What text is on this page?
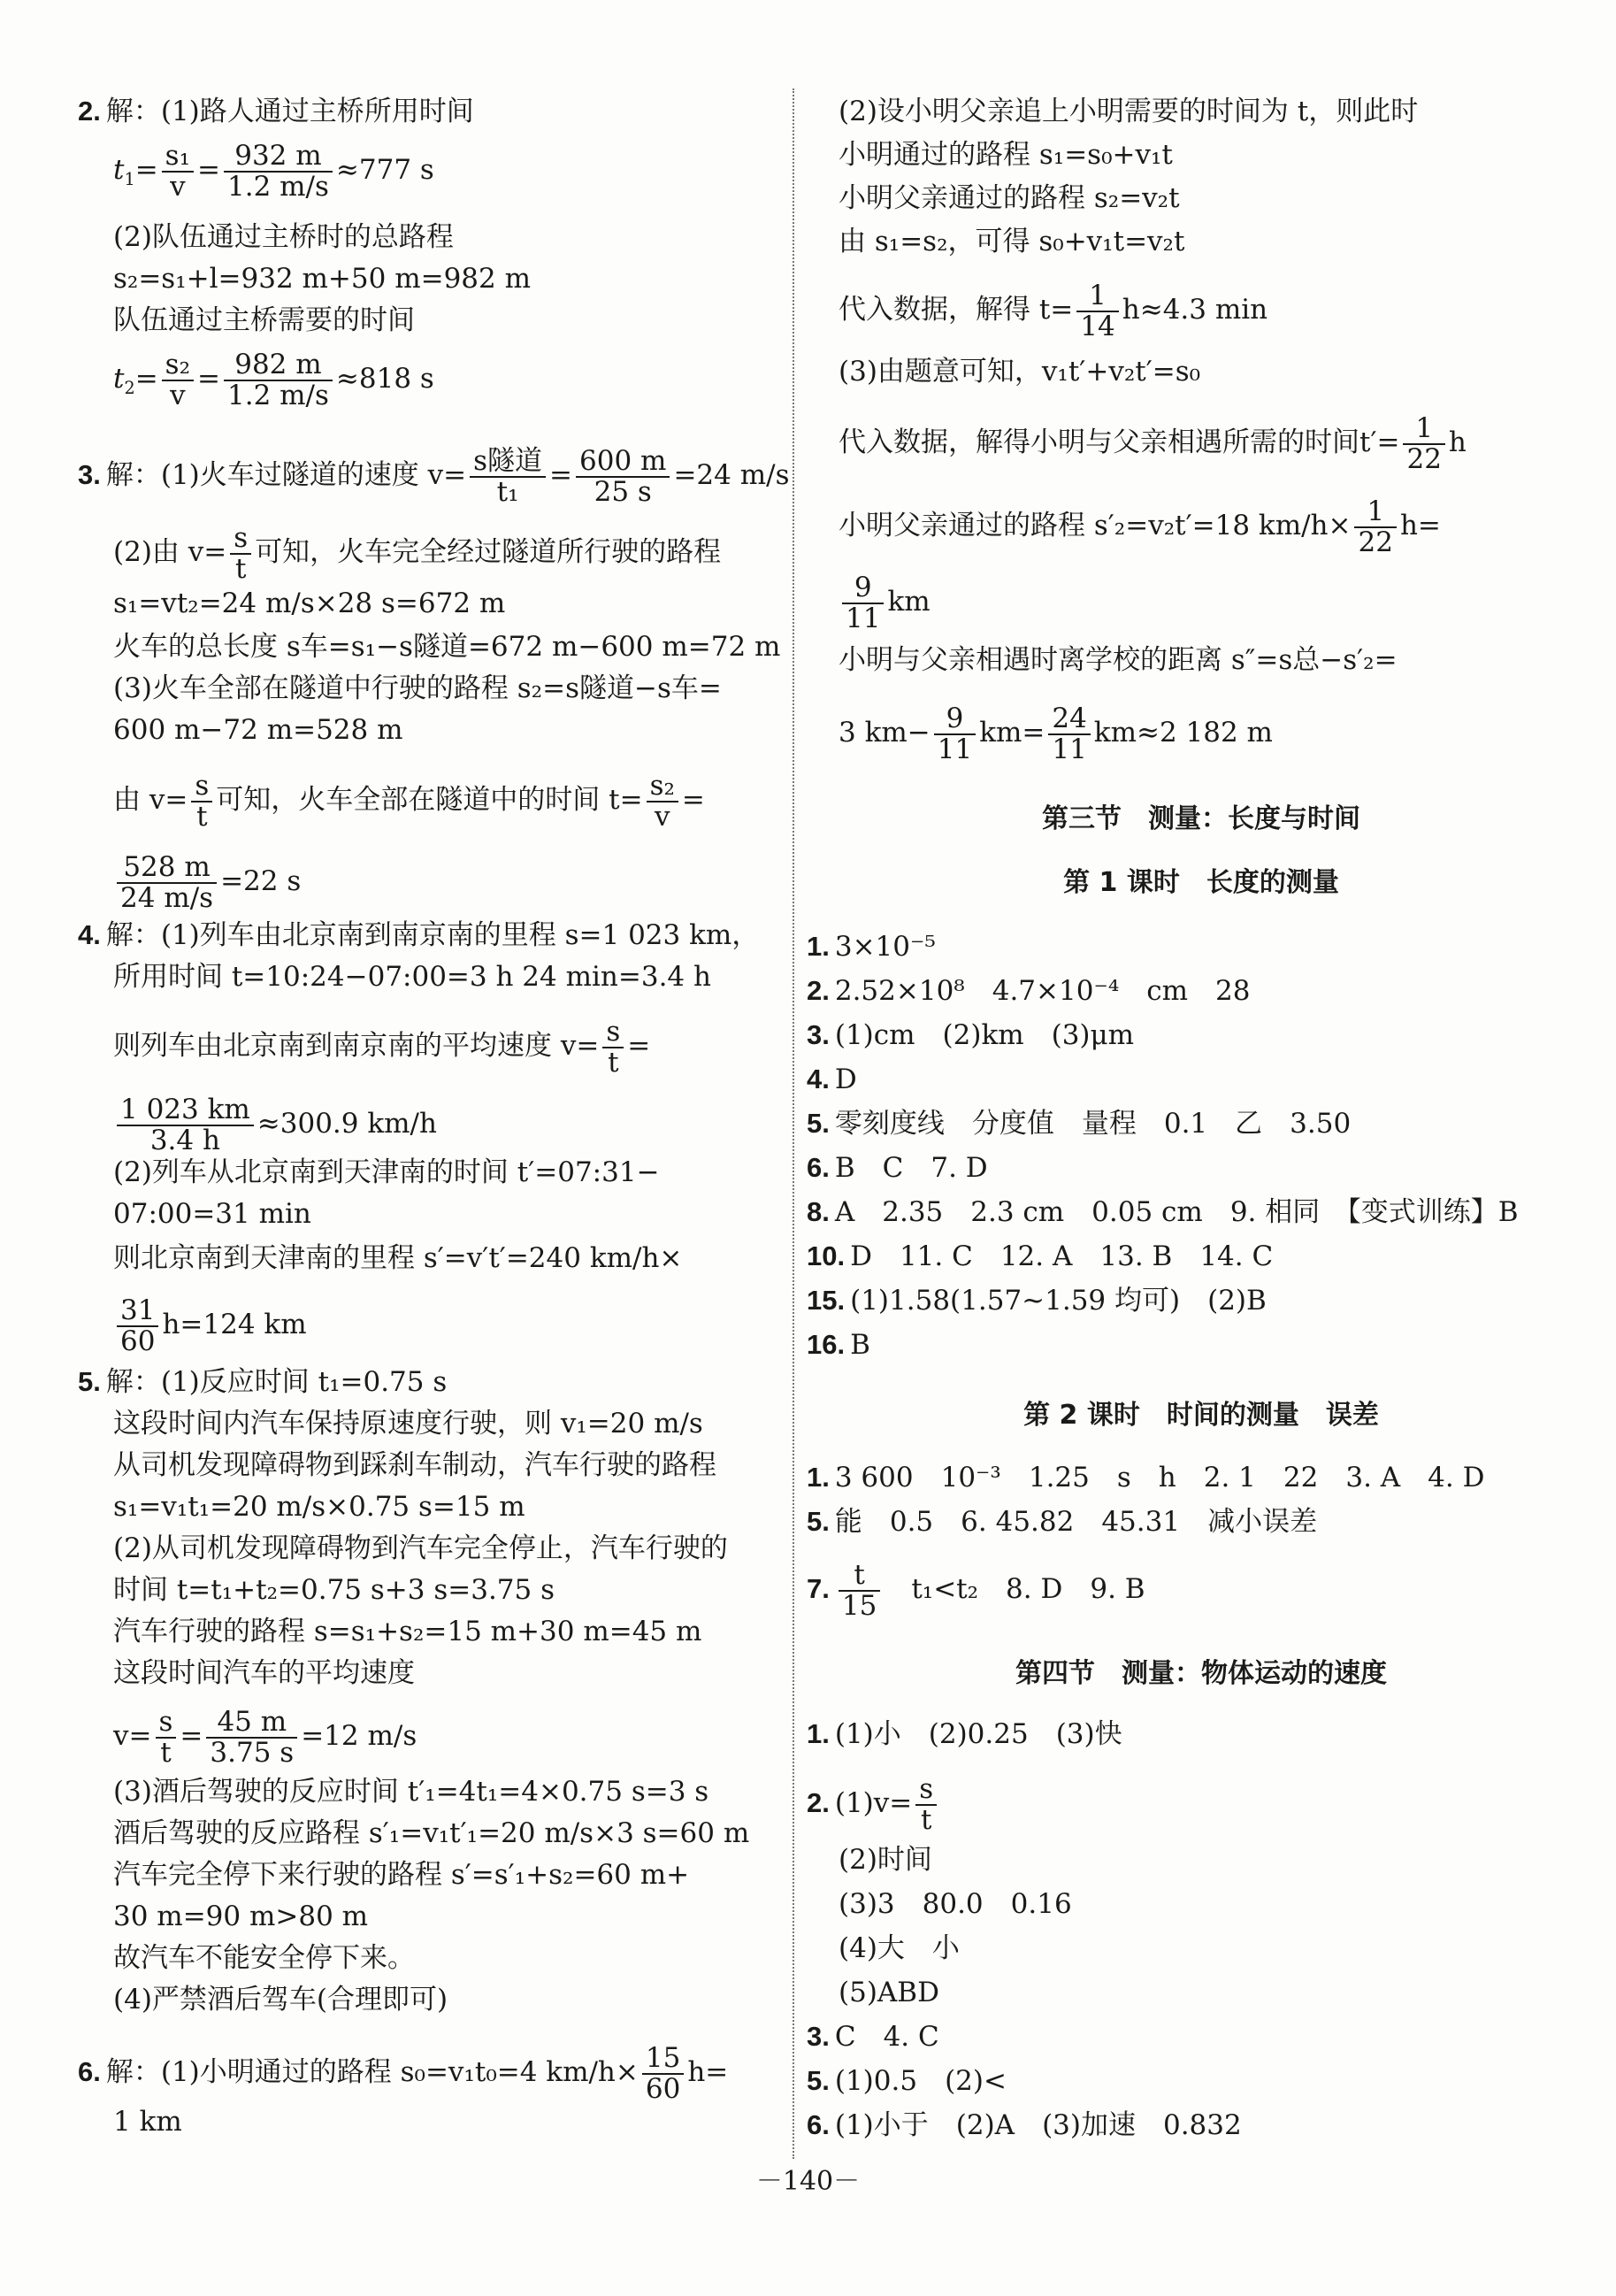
2. 解：(1)路人通过主桥所用时间
$t_1= \frac{\text{s₁}}{v} = \frac{932 m}{1.2 m/s} \approx 777$ s
(2)队伍通过主桥时的总路程
s₂=s₁+l=932 m+50 m=982 m
队伍通过主桥需要的时间
$t_2= \frac{\text{s₂}}{v} = \frac{982 m}{1.2 m/s} \approx 818$ s
3. 解：(1)火车过隧道的速度 $v= \frac{\text{s隧道}}{\text{t₁}} = \frac{600 m}{25 s} =24$ m/s
(2)由 $v= \frac{s}{t}$ 可知，火车完全经过隧道所行驶的路程
s₁=vt₂=24 m/s×28 s=672 m
火车的总长度 s车=s₁−s隧道=672 m−600 m=72 m
(3)火车全部在隧道中行驶的路程 s₂=s隧道−s车=
600 m−72 m=528 m
由 $v= \frac{s}{t}$ 可知，火车全部在隧道中的时间 $t= \frac{\text{s₂}}{v}$ =
$\frac{528 m}{24 m/s} =22$ s
4. 解：(1)列车由北京南到南京南的里程 s=1 023 km，
所用时间 t=10:24−07:00=3 h 24 min=3.4 h
则列车由北京南到南京南的平均速度 $v= \frac{s}{t}$ =
$\frac{1 023 km}{3.4 h} \approx 300.9$ km/h
(2)列车从北京南到天津南的时间 t′=07:31−
07:00=31 min
则北京南到天津南的里程 s′=v′t′=240 km/h×
$\frac{31}{60} h=124$ km
5. 解：(1)反应时间 t₁=0.75 s
这段时间内汽车保持原速度行驶，则 v₁=20 m/s
从司机发现障碍物到踩刹车制动，汽车行驶的路程
s₁=v₁t₁=20 m/s×0.75 s=15 m
(2)从司机发现障碍物到汽车完全停止，汽车行驶的
时间 t=t₁+t₂=0.75 s+3 s=3.75 s
汽车行驶的路程 s=s₁+s₂=15 m+30 m=45 m
这段时间汽车的平均速度
$v= \frac{s}{t} = \frac{45 m}{3.75 s} =12$ m/s
(3)酒后驾驶的反应时间 t′₁=4t₁=4×0.75 s=3 s
酒后驾驶的反应路程 s′₁=v₁t′₁=20 m/s×3 s=60 m
汽车完全停下来行驶的路程 s′=s′₁+s₂=60 m+
30 m=90 m>80 m
故汽车不能安全停下来。
(4)严禁酒后驾车(合理即可)
6. 解：(1)小明通过的路程 s₀=v₁t₀=4 $km/h\times \frac{15}{60} h=$
1 km
(2)设小明父亲追上小明需要的时间为 t，则此时
小明通过的路程 s₁=s₀+v₁t
小明父亲通过的路程 s₂=v₂t
由 s₁=s₂，可得 s₀+v₁t=v₂t
代入数据，解得 $t= \frac{1}{14} h\approx 4.3$ min
(3)由题意可知，v₁t′+v₂t′=s₀
代入数据，解得小明与父亲相遇所需的时间$t'= \frac{1}{22}$ h
小明父亲通过的路程 s′₂=v₂t′=18 $km/h\times \frac{1}{22} h=$
$\frac{9}{11}$ km
小明与父亲相遇时离学校的距离 s″=s总−s′₂=
3 $km- \frac{9}{11} km= \frac{24}{11} km\approx 2$ 182 m
第三节　测量：长度与时间
第 1 课时　长度的测量
1. 3×10⁻⁵
2. 2.52×10⁸　4.7×10⁻⁴　cm　28
3. (1)cm　(2)km　(3)μm
4. D
5. 零刻度线　分度值　量程　0.1　乙　3.50
6. B　C　7. D
8. A　2.35　2.3 cm　0.05 cm　9. 相同　【变式训练】B
10. D　11. C　12. A　13. B　14. C
15. (1)1.58(1.57~1.59 均可)　(2)B
16. B
第 2 课时　时间的测量　误差
1. 3 600　10⁻³　1.25　s　h　2. 1　22　3. A　4. D
5. 能　0.5　6. 45.82　45.31　减小误差
7. $\frac{t}{15}$
　 t₁<t₂　8. D　9. B
第四节　测量：物体运动的速度
1. (1)小　(2)0.25　(3)快
2. $(1)v= \frac{s}{t}$
(2)时间
(3)3　80.0　0.16
(4)大　小
(5)ABD
3. C　4. C
5. (1)0.5　(2)<
6. (1)小于　(2)A　(3)加速　0.832
－140－
